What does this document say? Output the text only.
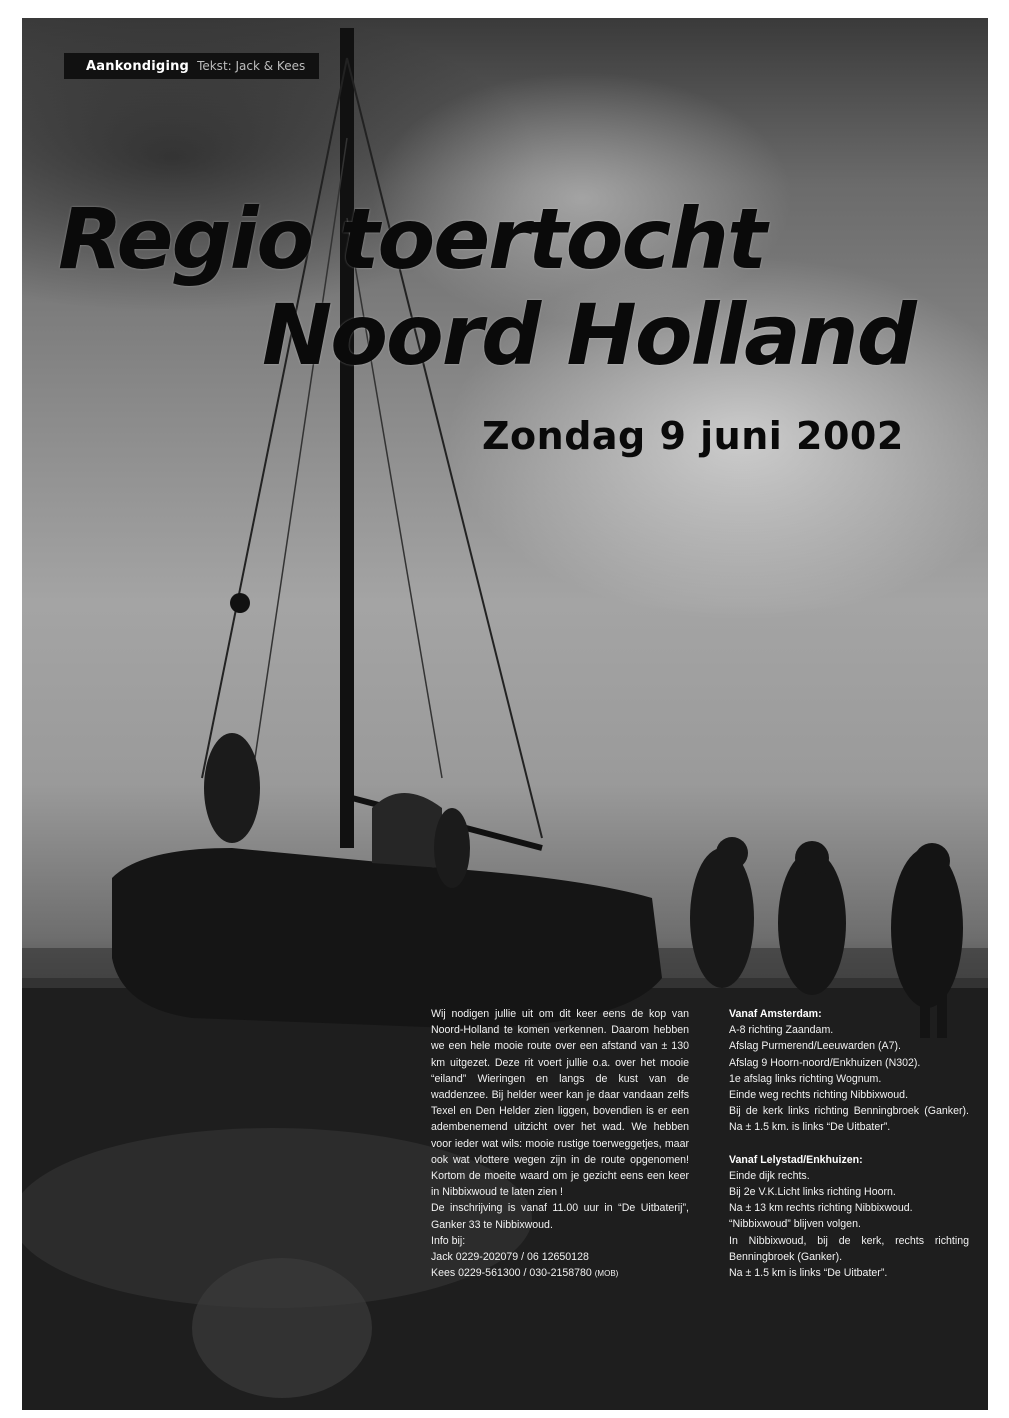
Aankondiging Tekst: Jack & Kees
Regio toertocht
Noord Holland
Zondag 9 juni 2002

Wij nodigen jullie uit om dit keer eens de kop van Noord-Holland te komen verkennen. Daarom hebben we een hele mooie route over een afstand van ± 130 km uitgezet. Deze rit voert jullie o.a. over het mooie “eiland” Wieringen en langs de kust van de waddenzee. Bij helder weer kan je daar vandaan zelfs Texel en Den Helder zien liggen, bovendien is er een adembenemend uitzicht over het wad. We hebben voor ieder wat wils: mooie rustige toerweggetjes, maar ook wat vlottere wegen zijn in de route opgenomen! Kortom de moeite waard om je gezicht eens een keer in Nibbixwoud te laten zien !

De inschrijving is vanaf 11.00 uur in “De Uitbaterij”, Ganker 33 te Nibbixwoud.

Info bij:

Jack 0229-202079 / 06 12650128

Kees 0229-561300 / 030-2158780 (MOB)

Vanaf Amsterdam:

A-8 richting Zaandam.

Afslag Purmerend/Leeuwarden (A7).

Afslag 9 Hoorn-noord/Enkhuizen (N302).

1e afslag links richting Wognum.

Einde weg rechts richting Nibbixwoud.

Bij de kerk links richting Benningbroek (Ganker). Na ± 1.5 km. is links “De Uitbater”.

Vanaf Lelystad/Enkhuizen:

Einde dijk rechts.

Bij 2e V.K.Licht links richting Hoorn.

Na ± 13 km rechts richting Nibbixwoud.

“Nibbixwoud” blijven volgen.

In Nibbixwoud, bij de kerk, rechts richting Benningbroek (Ganker).

Na ± 1.5 km is links “De Uitbater”.
